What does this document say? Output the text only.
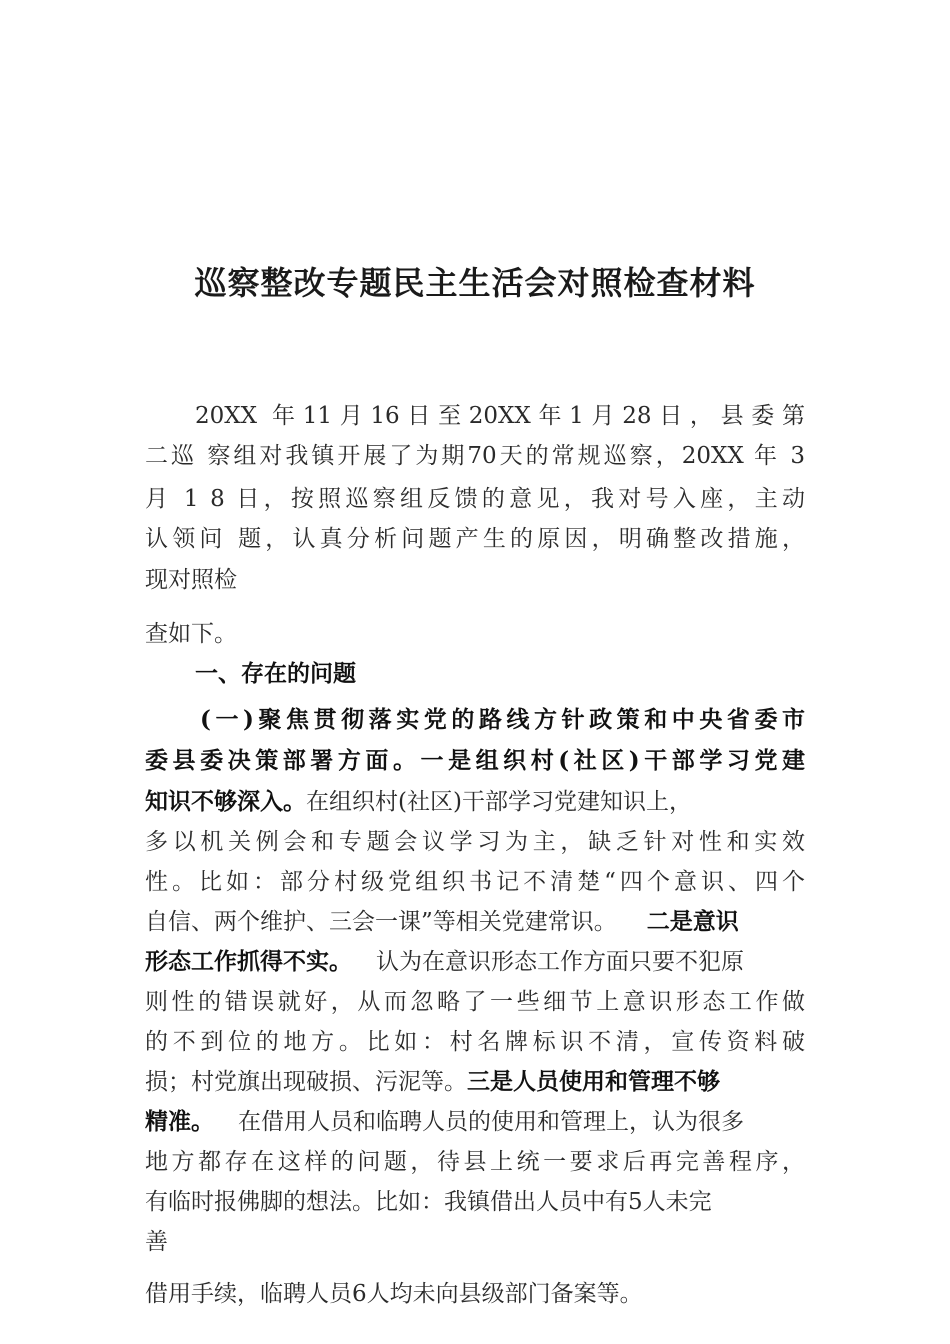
巡察整改专题民主生活会对照检查材料
20XX 年11月16日至20XX年1月28日，县委第
二巡 察组对我镇开展了为期70天的常规巡察，20XX 年 3
月 1 8 日，按照巡察组反馈的意见，我对号入座，主动
认领问 题，认真分析问题产生的原因，明确整改措施，
现对照检
查如下。
一、存在的问题
(一)聚焦贯彻落实党的路线方针政策和中央省委市
委县委决策部署方面。一是组织村(社区)干部学习党建
知识不够深入。在组织村(社区)干部学习党建知识上，
多以机关例会和专题会议学习为主，缺乏针对性和实效
性。比如：部分村级党组织书记不清楚“四个意识、四个
自信、两个维护、三会一课”等相关党建常识。 二是意识
形态工作抓得不实。 认为在意识形态工作方面只要不犯原
则性的错误就好，从而忽略了一些细节上意识形态工作做
的不到位的地方。比如：村名牌标识不清，宣传资料破
损；村党旗出现破损、污泥等。三是人员使用和管理不够
精准。 在借用人员和临聘人员的使用和管理上，认为很多
地方都存在这样的问题，待县上统一要求后再完善程序，
有临时报佛脚的想法。比如：我镇借出人员中有5人未完
善
借用手续，临聘人员6人均未向县级部门备案等。
